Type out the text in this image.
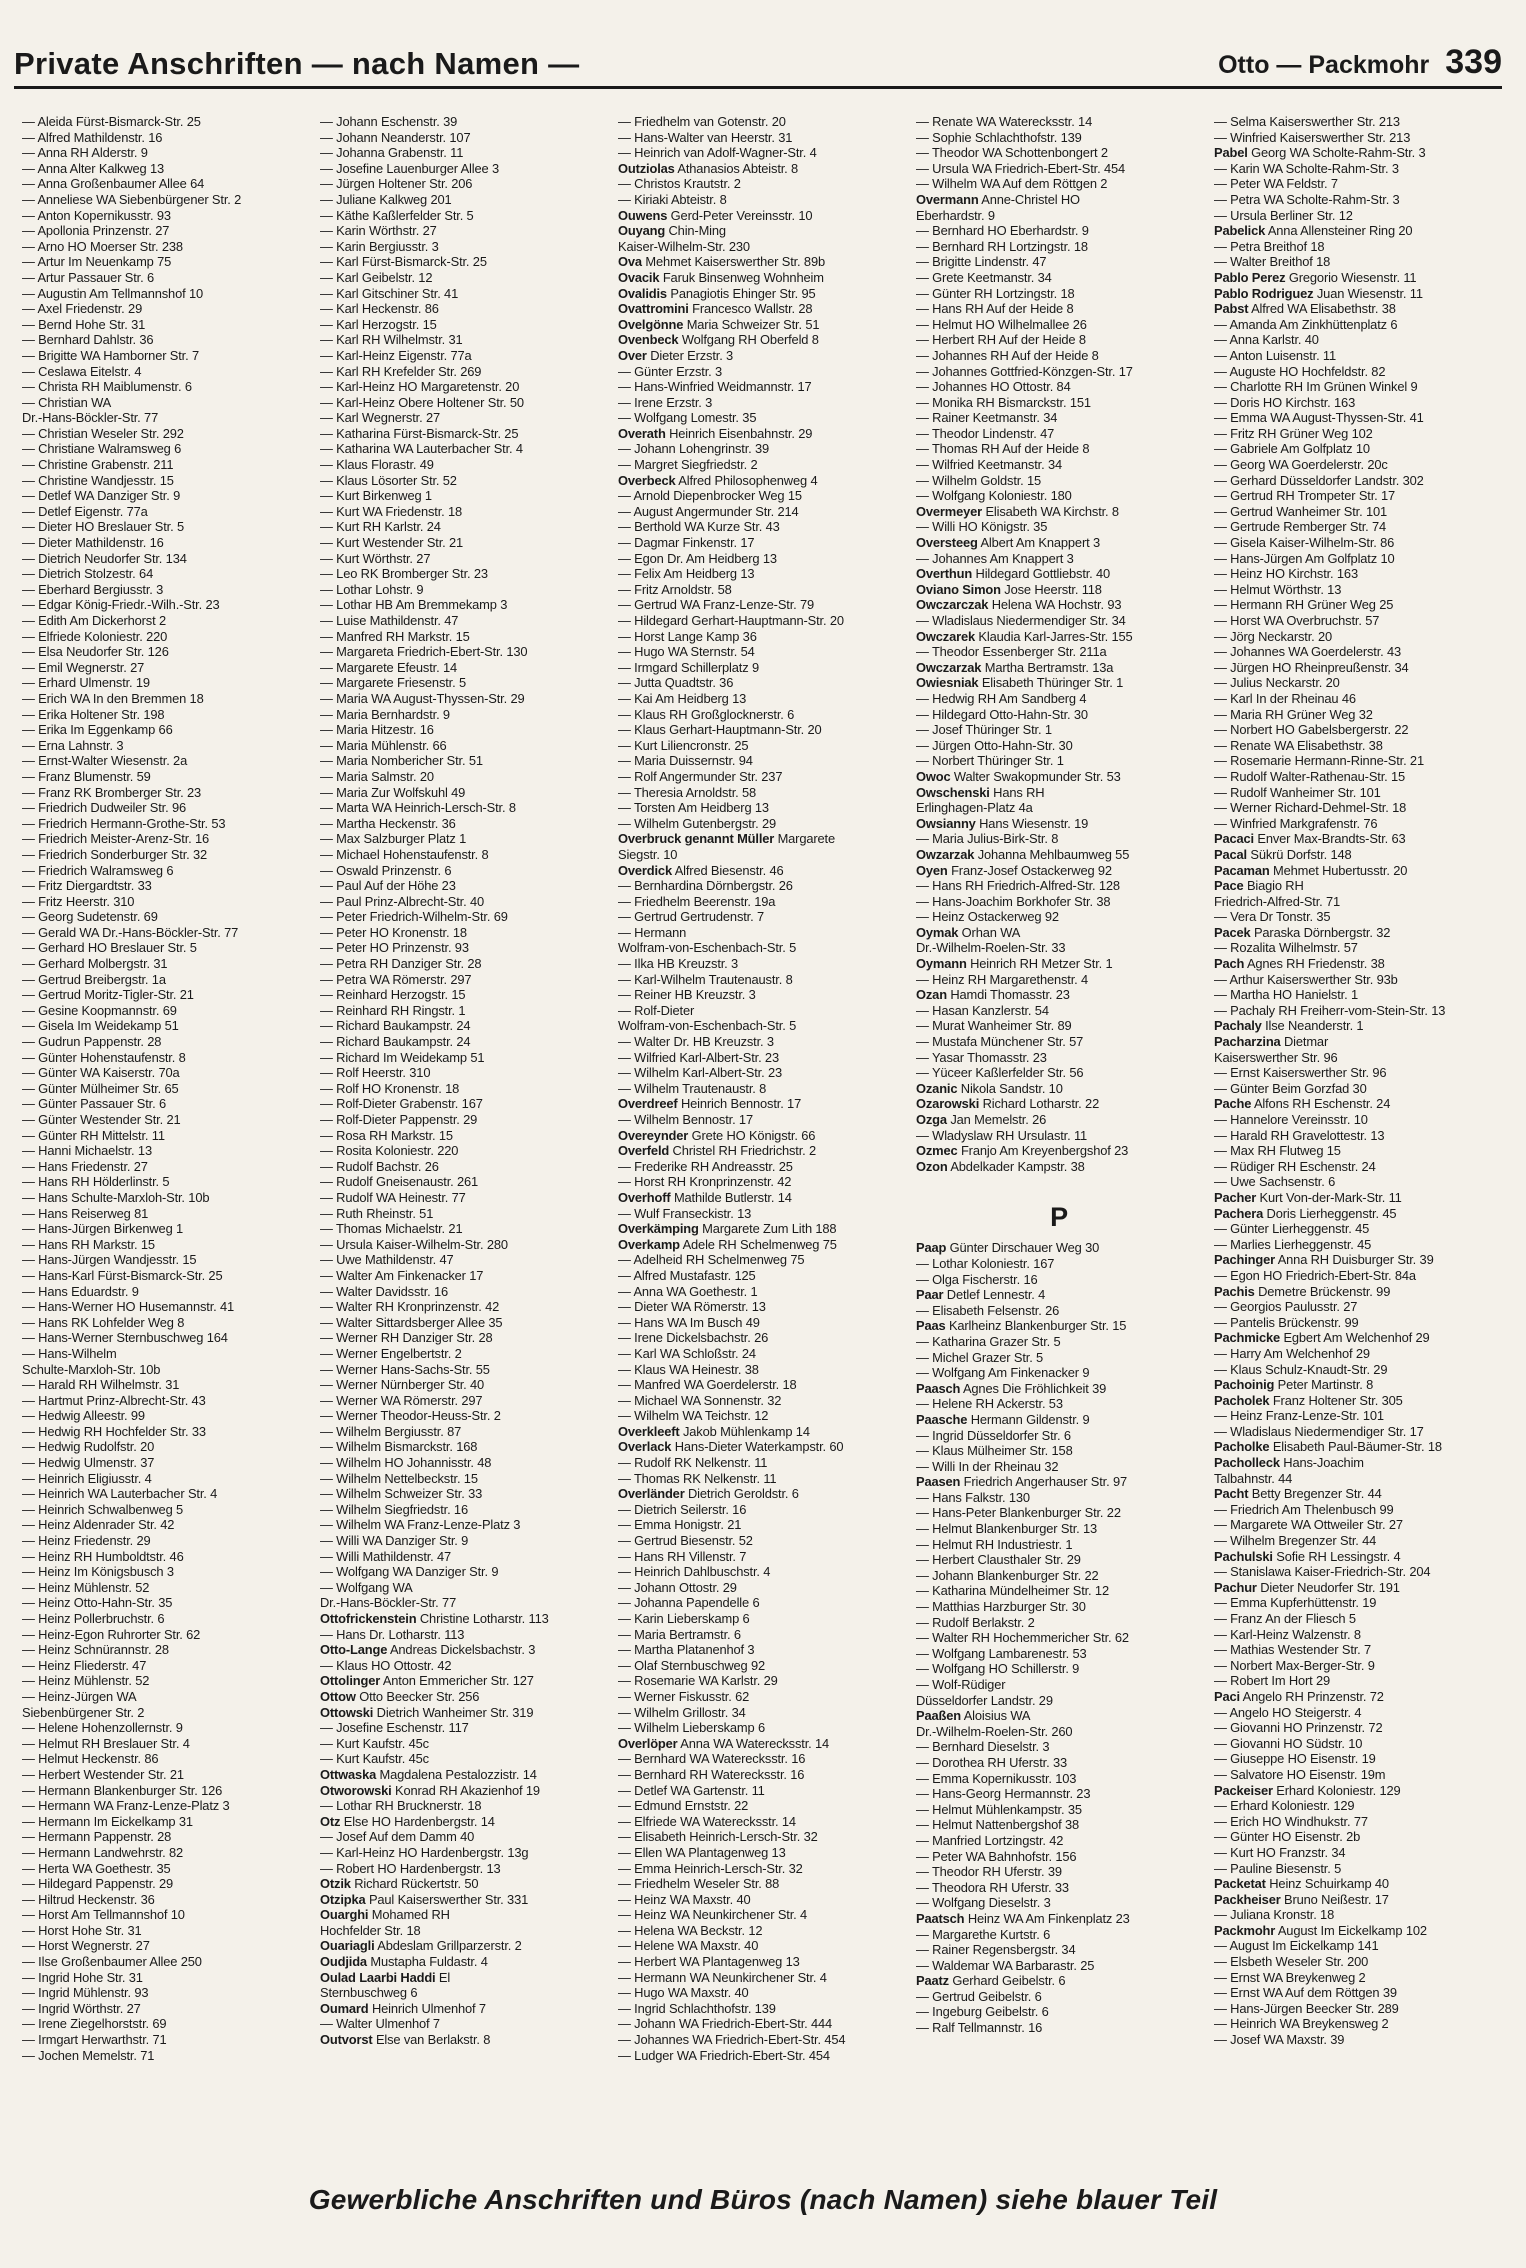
Private Anschriften — nach Namen —	Otto — Packmohr 339
— Aleida Fürst-Bismarck-Str. 25
— Alfred Mathildenstr. 16
— Anna RH Alderstr. 9
— Anna Alter Kalkweg 13
— Anna Großenbaumer Allee 64
— Anneliese WA Siebenbürgener Str. 2
— Anton Kopernikusstr. 93
— Apollonia Prinzenstr. 27
— Arno HO Moerser Str. 238
— Artur Im Neuenkamp 75
— Artur Passauer Str. 6
— Augustin Am Tellmannshof 10
— Axel Friedenstr. 29
— Bernd Hohe Str. 31
— Bernhard Dahlstr. 36
— Brigitte WA Hamborner Str. 7
— Ceslawa Eitelstr. 4
— Christa RH Maiblumenstr. 6
— Christian WA
Dr.-Hans-Böckler-Str. 77
— Christian Weseler Str. 292
— Christiane Walramsweg 6
— Christine Grabenstr. 211
— Christine Wandjesstr. 15
— Detlef WA Danziger Str. 9
— Detlef Eigenstr. 77a
— Dieter HO Breslauer Str. 5
— Dieter Mathildenstr. 16
— Dietrich Neudorfer Str. 134
— Dietrich Stolzestr. 64
— Eberhard Bergiusstr. 3
— Edgar König-Friedr.-Wilh.-Str. 23
— Edith Am Dickerhorst 2
— Elfriede Koloniestr. 220
— Elsa Neudorfer Str. 126
— Emil Wegnerstr. 27
— Erhard Ulmenstr. 19
— Erich WA In den Bremmen 18
— Erika Holtener Str. 198
— Erika Im Eggenkamp 66
— Erna Lahnstr. 3
— Ernst-Walter Wiesenstr. 2a
— Franz Blumenstr. 59
— Franz RK Bromberger Str. 23
— Friedrich Dudweiler Str. 96
— Friedrich Hermann-Grothe-Str. 53
— Friedrich Meister-Arenz-Str. 16
— Friedrich Sonderburger Str. 32
— Friedrich Walramsweg 6
— Fritz Diergardtstr. 33
— Fritz Heerstr. 310
— Georg Sudetenstr. 69
— Gerald WA Dr.-Hans-Böckler-Str. 77
— Gerhard HO Breslauer Str. 5
— Gerhard Molbergstr. 31
— Gertrud Breibergstr. 1a
— Gertrud Moritz-Tigler-Str. 21
— Gesine Koopmannstr. 69
— Gisela Im Weidekamp 51
— Gudrun Pappenstr. 28
— Günter Hohenstaufenstr. 8
— Günter WA Kaiserstr. 70a
— Günter Mülheimer Str. 65
— Günter Passauer Str. 6
— Günter Westender Str. 21
— Günter RH Mittelstr. 11
— Hanni Michaelstr. 13
— Hans Friedenstr. 27
— Hans RH Hölderlinstr. 5
— Hans Schulte-Marxloh-Str. 10b
— Hans Reiserweg 81
— Hans-Jürgen Birkenweg 1
— Hans RH Markstr. 15
— Hans-Jürgen Wandjesstr. 15
— Hans-Karl Fürst-Bismarck-Str. 25
— Hans Eduardstr. 9
— Hans-Werner HO Husemannstr. 41
— Hans RK Lohfelder Weg 8
— Hans-Werner Sternbuschweg 164
— Hans-Wilhelm
Schulte-Marxloh-Str. 10b
— Harald RH Wilhelmstr. 31
— Hartmut Prinz-Albrecht-Str. 43
— Hedwig Alleestr. 99
— Hedwig RH Hochfelder Str. 33
— Hedwig Rudolfstr. 20
— Hedwig Ulmenstr. 37
— Heinrich Eligiusstr. 4
— Heinrich WA Lauterbacher Str. 4
— Heinrich Schwalbenweg 5
— Heinz Aldenrader Str. 42
— Heinz Friedenstr. 29
— Heinz RH Humboldtstr. 46
— Heinz Im Königsbusch 3
— Heinz Mühlenstr. 52
— Heinz Otto-Hahn-Str. 35
— Heinz Pollerbruchstr. 6
— Heinz-Egon Ruhrorter Str. 62
— Heinz Schnürannstr. 28
— Heinz Fliederstr. 47
— Heinz Mühlenstr. 52
— Heinz-Jürgen WA
Siebenbürgener Str. 2
— Helene Hohenzollernstr. 9
— Helmut RH Breslauer Str. 4
— Helmut Heckenstr. 86
— Herbert Westender Str. 21
— Hermann Blankenburger Str. 126
— Hermann WA Franz-Lenze-Platz 3
— Hermann Im Eickelkamp 31
— Hermann Pappenstr. 28
— Hermann Landwehrstr. 82
— Herta WA Goethestr. 35
— Hildegard Pappenstr. 29
— Hiltrud Heckenstr. 36
— Horst Am Tellmannshof 10
— Horst Hohe Str. 31
— Horst Wegnerstr. 27
— Ilse Großenbaumer Allee 250
— Ingrid Hohe Str. 31
— Ingrid Mühlenstr. 93
— Ingrid Wörthstr. 27
— Irene Ziegelhorststr. 69
— Irmgart Herwarthstr. 71
— Jochen Memelstr. 71
— Johann Eschenstr. 39
— Johann Neanderstr. 107
— Johanna Grabenstr. 11
— Josefine Lauenburger Allee 3
— Jürgen Holtener Str. 206
— Juliane Kalkweg 201
— Käthe Kaßlerfelder Str. 5
— Karin Wörthstr. 27
— Karin Bergiusstr. 3
— Karl Fürst-Bismarck-Str. 25
— Karl Geibelstr. 12
— Karl Gitschiner Str. 41
— Karl Heckenstr. 86
— Karl Herzogstr. 15
— Karl RH Wilhelmstr. 31
— Karl-Heinz Eigenstr. 77a
— Karl RH Krefelder Str. 269
— Karl-Heinz HO Margaretenstr. 20
— Karl-Heinz Obere Holtener Str. 50
— Karl Wegnerstr. 27
— Katharina Fürst-Bismarck-Str. 25
— Katharina WA Lauterbacher Str. 4
— Klaus Florastr. 49
— Klaus Lösorter Str. 52
— Kurt Birkenweg 1
— Kurt WA Friedenstr. 18
— Kurt RH Karlstr. 24
— Kurt Westender Str. 21
— Kurt Wörthstr. 27
— Leo RK Bromberger Str. 23
— Lothar Lohstr. 9
— Lothar HB Am Bremmekamp 3
— Luise Mathildenstr. 47
— Manfred RH Markstr. 15
— Margareta Friedrich-Ebert-Str. 130
— Margarete Efeustr. 14
— Margarete Friesenstr. 5
— Maria WA August-Thyssen-Str. 29
— Maria Bernhardstr. 9
— Maria Hitzestr. 16
— Maria Mühlenstr. 66
— Maria Nombericher Str. 51
— Maria Salmstr. 20
— Maria Zur Wolfskuhl 49
— Marta WA Heinrich-Lersch-Str. 8
— Martha Heckenstr. 36
— Max Salzburger Platz 1
— Michael Hohenstaufenstr. 8
— Oswald Prinzenstr. 6
— Paul Auf der Höhe 23
— Paul Prinz-Albrecht-Str. 40
— Peter Friedrich-Wilhelm-Str. 69
— Peter HO Kronenstr. 18
— Peter HO Prinzenstr. 93
— Petra RH Danziger Str. 28
— Petra WA Römerstr. 297
— Reinhard Herzogstr. 15
— Reinhard RH Ringstr. 1
— Richard Baukampstr. 24
— Richard Baukampstr. 24
— Richard Im Weidekamp 51
— Rolf Heerstr. 310
— Rolf HO Kronenstr. 18
— Rolf-Dieter Grabenstr. 167
— Rolf-Dieter Pappenstr. 29
— Rosa RH Markstr. 15
— Rosita Koloniestr. 220
— Rudolf Bachstr. 26
— Rudolf Gneisenaustr. 261
— Rudolf WA Heinestr. 77
— Ruth Rheinstr. 51
— Thomas Michaelstr. 21
— Ursula Kaiser-Wilhelm-Str. 280
— Uwe Mathildenstr. 47
— Walter Am Finkenacker 17
— Walter Davidsstr. 16
— Walter RH Kronprinzenstr. 42
— Walter Sittardsberger Allee 35
— Werner RH Danziger Str. 28
— Werner Engelbertstr. 2
— Werner Hans-Sachs-Str. 55
— Werner Nürnberger Str. 40
— Werner WA Römerstr. 297
— Werner Theodor-Heuss-Str. 2
— Wilhelm Bergiusstr. 87
— Wilhelm Bismarckstr. 168
— Wilhelm HO Johannisstr. 48
— Wilhelm Nettelbeckstr. 15
— Wilhelm Schweizer Str. 33
— Wilhelm Siegfriedstr. 16
— Wilhelm WA Franz-Lenze-Platz 3
— Willi WA Danziger Str. 9
— Willi Mathildenstr. 47
— Wolfgang WA Danziger Str. 9
— Wolfgang WA
Dr.-Hans-Böckler-Str. 77
Ottofrickenstein Christine Lotharstr. 113
— Hans Dr. Lotharstr. 113
Otto-Lange Andreas Dickelsbachstr. 3
— Klaus HO Ottostr. 42
Ottolinger Anton Emmericher Str. 127
Ottow Otto Beecker Str. 256
Ottowski Dietrich Wanheimer Str. 319
— Josefine Eschenstr. 117
— Kurt Kaufstr. 45c
— Kurt Kaufstr. 45c
Ottwaska Magdalena Pestalozzistr. 14
Otworowski Konrad RH Akazienhof 19
— Lothar RH Brucknerstr. 18
Otz Else HO Hardenbergstr. 14
— Josef Auf dem Damm 40
— Karl-Heinz HO Hardenbergstr. 13g
— Robert HO Hardenbergstr. 13
Otzik Richard Rückertstr. 50
Otzipka Paul Kaiserswerther Str. 331
Ouarghi Mohamed RH
Hochfelder Str. 18
Ouariagli Abdeslam Grillparzerstr. 2
Oudjida Mustapha Fuldastr. 4
Oulad Laarbi Haddi El
Sternbuschweg 6
Oumard Heinrich Ulmenhof 7
— Walter Ulmenhof 7
Outvorst Else van Berlakstr. 8
— Friedhelm van Gotenstr. 20
— Hans-Walter van Heerstr. 31
— Heinrich van Adolf-Wagner-Str. 4
Outziolas Athanasios Abteistr. 8
— Christos Krautstr. 2
— Kiriaki Abteistr. 8
Ouwens Gerd-Peter Vereinsstr. 10
Ouyang Chin-Ming
Kaiser-Wilhelm-Str. 230
Ova Mehmet Kaiserswerther Str. 89b
Ovacik Faruk Binsenweg Wohnheim
Ovalidis Panagiotis Ehinger Str. 95
Ovattromini Francesco Wallstr. 28
Ovelgönne Maria Schweizer Str. 51
Ovenbeck Wolfgang RH Oberfeld 8
Over Dieter Erzstr. 3
— Günter Erzstr. 3
— Hans-Winfried Weidmannstr. 17
— Irene Erzstr. 3
— Wolfgang Lomestr. 35
Overath Heinrich Eisenbahnstr. 29
— Johann Lohengrinstr. 39
— Margret Siegfriedstr. 2
Overbeck Alfred Philosophenweg 4
— Arnold Diepenbrocker Weg 15
— August Angermunder Str. 214
— Berthold WA Kurze Str. 43
— Dagmar Finkenstr. 17
— Egon Dr. Am Heidberg 13
— Felix Am Heidberg 13
— Fritz Arnoldstr. 58
— Gertrud WA Franz-Lenze-Str. 79
— Hildegard Gerhart-Hauptmann-Str. 20
— Horst Lange Kamp 36
— Hugo WA Sternstr. 54
— Irmgard Schillerplatz 9
— Jutta Quadtstr. 36
— Kai Am Heidberg 13
— Klaus RH Großglocknerstr. 6
— Klaus Gerhart-Hauptmann-Str. 20
— Kurt Liliencronstr. 25
— Maria Duissernstr. 94
— Rolf Angermunder Str. 237
— Theresia Arnoldstr. 58
— Torsten Am Heidberg 13
— Wilhelm Gutenbergstr. 29
Overbruck genannt Müller Margarete
Siegstr. 10
Overdick Alfred Biesenstr. 46
— Bernhardina Dörnbergstr. 26
— Friedhelm Beerenstr. 19a
— Gertrud Gertrudenstr. 7
— Hermann
Wolfram-von-Eschenbach-Str. 5
— Ilka HB Kreuzstr. 3
— Karl-Wilhelm Trautenaustr. 8
— Reiner HB Kreuzstr. 3
— Rolf-Dieter
Wolfram-von-Eschenbach-Str. 5
— Walter Dr. HB Kreuzstr. 3
— Wilfried Karl-Albert-Str. 23
— Wilhelm Karl-Albert-Str. 23
— Wilhelm Trautenaustr. 8
Overdreef Heinrich Bennostr. 17
— Wilhelm Bennostr. 17
Overeynder Grete HO Königstr. 66
Overfeld Christel RH Friedrichstr. 2
— Frederike RH Andreasstr. 25
— Horst RH Kronprinzenstr. 42
Overhoff Mathilde Butlerstr. 14
— Wulf Franseckistr. 13
Overkämping Margarete Zum Lith 188
Overkamp Adele RH Schelmenweg 75
— Adelheid RH Schelmenweg 75
— Alfred Mustafastr. 125
— Anna WA Goethestr. 1
— Dieter WA Römerstr. 13
— Hans WA Im Busch 49
— Irene Dickelsbachstr. 26
— Karl WA Schloßstr. 24
— Klaus WA Heinestr. 38
— Manfred WA Goerdelerstr. 18
— Michael WA Sonnenstr. 32
— Wilhelm WA Teichstr. 12
Overkleeft Jakob Mühlenkamp 14
Overlack Hans-Dieter Waterkampstr. 60
— Rudolf RK Nelkenstr. 11
— Thomas RK Nelkenstr. 11
Overländer Dietrich Geroldstr. 6
— Dietrich Seilerstr. 16
— Emma Honigstr. 21
— Gertrud Biesenstr. 52
— Hans RH Villenstr. 7
— Heinrich Dahlbuschstr. 4
— Johann Ottostr. 29
— Johanna Papendelle 6
— Karin Lieberskamp 6
— Maria Bertramstr. 6
— Martha Platanenhof 3
— Olaf Sternbuschweg 92
— Rosemarie WA Karlstr. 29
— Werner Fiskusstr. 62
— Wilhelm Grillostr. 34
— Wilhelm Lieberskamp 6
Overlöper Anna WA Waterecksstr. 14
— Bernhard WA Waterecksstr. 16
— Bernhard RH Waterecksstr. 16
— Detlef WA Gartenstr. 11
— Edmund Ernststr. 22
— Elfriede WA Waterecksstr. 14
— Elisabeth Heinrich-Lersch-Str. 32
— Ellen WA Plantagenweg 13
— Emma Heinrich-Lersch-Str. 32
— Friedhelm Weseler Str. 88
— Heinz WA Maxstr. 40
— Heinz WA Neunkirchener Str. 4
— Helena WA Beckstr. 12
— Helene WA Maxstr. 40
— Herbert WA Plantagenweg 13
— Hermann WA Neunkirchener Str. 4
— Hugo WA Maxstr. 40
— Ingrid Schlachthofstr. 139
— Johann WA Friedrich-Ebert-Str. 444
— Johannes WA Friedrich-Ebert-Str. 454
— Ludger WA Friedrich-Ebert-Str. 454
— Renate WA Waterecksstr. 14
— Sophie Schlachthofstr. 139
— Theodor WA Schottenbongert 2
— Ursula WA Friedrich-Ebert-Str. 454
— Wilhelm WA Auf dem Röttgen 2
Overmann Anne-Christel HO
Eberhardstr. 9
— Bernhard HO Eberhardstr. 9
— Bernhard RH Lortzingstr. 18
— Brigitte Lindenstr. 47
— Grete Keetmanstr. 34
— Günter RH Lortzingstr. 18
— Hans RH Auf der Heide 8
— Helmut HO Wilhelmallee 26
— Herbert RH Auf der Heide 8
— Johannes RH Auf der Heide 8
— Johannes Gottfried-Könzgen-Str. 17
— Johannes HO Ottostr. 84
— Monika RH Bismarckstr. 151
— Rainer Keetmanstr. 34
— Theodor Lindenstr. 47
— Thomas RH Auf der Heide 8
— Wilfried Keetmanstr. 34
— Wilhelm Goldstr. 15
— Wolfgang Koloniestr. 180
Overmeyer Elisabeth WA Kirchstr. 8
— Willi HO Königstr. 35
Oversteeg Albert Am Knappert 3
— Johannes Am Knappert 3
Overthun Hildegard Gottliebstr. 40
Oviano Simon Jose Heerstr. 118
Owczarczak Helena WA Hochstr. 93
— Wladislaus Niedermendiger Str. 34
Owczarek Klaudia Karl-Jarres-Str. 155
— Theodor Essenberger Str. 211a
Owczarzak Martha Bertramstr. 13a
Owiesniak Elisabeth Thüringer Str. 1
— Hedwig RH Am Sandberg 4
— Hildegard Otto-Hahn-Str. 30
— Josef Thüringer Str. 1
— Jürgen Otto-Hahn-Str. 30
— Norbert Thüringer Str. 1
Owoc Walter Swakopmunder Str. 53
Owschenski Hans RH
Erlinghagen-Platz 4a
Owsianny Hans Wiesenstr. 19
— Maria Julius-Birk-Str. 8
Owzarzak Johanna Mehlbaumweg 55
Oyen Franz-Josef Ostackerweg 92
— Hans RH Friedrich-Alfred-Str. 128
— Hans-Joachim Borkhofer Str. 38
— Heinz Ostackerweg 92
Oymak Orhan WA
Dr.-Wilhelm-Roelen-Str. 33
Oymann Heinrich RH Metzer Str. 1
— Heinz RH Margarethenstr. 4
Ozan Hamdi Thomasstr. 23
— Hasan Kanzlerstr. 54
— Murat Wanheimer Str. 89
— Mustafa Münchener Str. 57
— Yasar Thomasstr. 23
— Yüceer Kaßlerfelder Str. 56
Ozanic Nikola Sandstr. 10
Ozarowski Richard Lotharstr. 22
Ozga Jan Memelstr. 26
— Wladyslaw RH Ursulastr. 11
Ozmec Franjo Am Kreyenbergshof 23
Ozon Abdelkader Kampstr. 38
P
Paap Günter Dirschauer Weg 30
— Lothar Koloniestr. 167
— Olga Fischerstr. 16
Paar Detlef Lennestr. 4
— Elisabeth Felsenstr. 26
Paas Karlheinz Blankenburger Str. 15
— Katharina Grazer Str. 5
— Michel Grazer Str. 5
— Wolfgang Am Finkenacker 9
Paasch Agnes Die Fröhlichkeit 39
— Helene RH Ackerstr. 53
Paasche Hermann Gildenstr. 9
— Ingrid Düsseldorfer Str. 6
— Klaus Mülheimer Str. 158
— Willi In der Rheinau 32
Paasen Friedrich Angerhauser Str. 97
— Hans Falkstr. 130
— Hans-Peter Blankenburger Str. 22
— Helmut Blankenburger Str. 13
— Helmut RH Industriestr. 1
— Herbert Clausthaler Str. 29
— Johann Blankenburger Str. 22
— Katharina Mündelheimer Str. 12
— Matthias Harzburger Str. 30
— Rudolf Berlakstr. 2
— Walter RH Hochemmericher Str. 62
— Wolfgang Lambarenestr. 53
— Wolfgang HO Schillerstr. 9
— Wolf-Rüdiger
Düsseldorfer Landstr. 29
Paaßen Aloisius WA
Dr.-Wilhelm-Roelen-Str. 260
— Bernhard Dieselstr. 3
— Dorothea RH Uferstr. 33
— Emma Kopernikusstr. 103
— Hans-Georg Hermannstr. 23
— Helmut Mühlenkampstr. 35
— Helmut Nattenbergshof 38
— Manfried Lortzingstr. 42
— Peter WA Bahnhofstr. 156
— Theodor RH Uferstr. 39
— Theodora RH Uferstr. 33
— Wolfgang Dieselstr. 3
Paatsch Heinz WA Am Finkenplatz 23
— Margarethe Kurtstr. 6
— Rainer Regensbergstr. 34
— Waldemar WA Barbarastr. 25
Paatz Gerhard Geibelstr. 6
— Gertrud Geibelstr. 6
— Ingeburg Geibelstr. 6
— Ralf Tellmannstr. 16
— Selma Kaiserswerther Str. 213
— Winfried Kaiserswerther Str. 213
Pabel Georg WA Scholte-Rahm-Str. 3
— Karin WA Scholte-Rahm-Str. 3
— Peter WA Feldstr. 7
— Petra WA Scholte-Rahm-Str. 3
— Ursula Berliner Str. 12
Pabelick Anna Allensteiner Ring 20
— Petra Breithof 18
— Walter Breithof 18
Pablo Perez Gregorio Wiesenstr. 11
Pablo Rodriguez Juan Wiesenstr. 11
Pabst Alfred WA Elisabethstr. 38
— Amanda Am Zinkhüttenplatz 6
— Anna Karlstr. 40
— Anton Luisenstr. 11
— Auguste HO Hochfeldstr. 82
— Charlotte RH Im Grünen Winkel 9
— Doris HO Kirchstr. 163
— Emma WA August-Thyssen-Str. 41
— Fritz RH Grüner Weg 102
— Gabriele Am Golfplatz 10
— Georg WA Goerdelerstr. 20c
— Gerhard Düsseldorfer Landstr. 302
— Gertrud RH Trompeter Str. 17
— Gertrud Wanheimer Str. 101
— Gertrude Remberger Str. 74
— Gisela Kaiser-Wilhelm-Str. 86
— Hans-Jürgen Am Golfplatz 10
— Heinz HO Kirchstr. 163
— Helmut Wörthstr. 13
— Hermann RH Grüner Weg 25
— Horst WA Overbruchstr. 57
— Jörg Neckarstr. 20
— Johannes WA Goerdelerstr. 43
— Jürgen HO Rheinpreußenstr. 34
— Julius Neckarstr. 20
— Karl In der Rheinau 46
— Maria RH Grüner Weg 32
— Norbert HO Gabelsbergerstr. 22
— Renate WA Elisabethstr. 38
— Rosemarie Hermann-Rinne-Str. 21
— Rudolf Walter-Rathenau-Str. 15
— Rudolf Wanheimer Str. 101
— Werner Richard-Dehmel-Str. 18
— Winfried Markgrafenstr. 76
Pacaci Enver Max-Brandts-Str. 63
Pacal Sükrü Dorfstr. 148
Pacaman Mehmet Hubertusstr. 20
Pace Biagio RH
Friedrich-Alfred-Str. 71
— Vera Dr Tonstr. 35
Pacek Paraska Dörnbergstr. 32
— Rozalita Wilhelmstr. 57
Pach Agnes RH Friedenstr. 38
— Arthur Kaiserswerther Str. 93b
— Martha HO Hanielstr. 1
— Pachaly RH Freiherr-vom-Stein-Str. 13
Pachaly Ilse Neanderstr. 1
Pacharzina Dietmar
Kaiserswerther Str. 96
— Ernst Kaiserswerther Str. 96
— Günter Beim Gorzfad 30
Pache Alfons RH Eschenstr. 24
— Hannelore Vereinsstr. 10
— Harald RH Gravelottestr. 13
— Max RH Flutweg 15
— Rüdiger RH Eschenstr. 24
— Uwe Sachsenstr. 6
Pacher Kurt Von-der-Mark-Str. 11
Pachera Doris Lierheggenstr. 45
— Günter Lierheggenstr. 45
— Marlies Lierheggenstr. 45
Pachinger Anna RH Duisburger Str. 39
— Egon HO Friedrich-Ebert-Str. 84a
Pachis Demetre Brückenstr. 99
— Georgios Paulusstr. 27
— Pantelis Brückenstr. 99
Pachmicke Egbert Am Welchenhof 29
— Harry Am Welchenhof 29
— Klaus Schulz-Knaudt-Str. 29
Pachoinig Peter Martinstr. 8
Pacholek Franz Holtener Str. 305
— Heinz Franz-Lenze-Str. 101
— Wladislaus Niedermendiger Str. 17
Pacholke Elisabeth Paul-Bäumer-Str. 18
Pacholleck Hans-Joachim
Talbahnstr. 44
Pacht Betty Bregenzer Str. 44
— Friedrich Am Thelenbusch 99
— Margarete WA Ottweiler Str. 27
— Wilhelm Bregenzer Str. 44
Pachulski Sofie RH Lessingstr. 4
— Stanislawa Kaiser-Friedrich-Str. 204
Pachur Dieter Neudorfer Str. 191
— Emma Kupferhüttenstr. 19
— Franz An der Fliesch 5
— Karl-Heinz Walzenstr. 8
— Mathias Westender Str. 7
— Norbert Max-Berger-Str. 9
— Robert Im Hort 29
Paci Angelo RH Prinzenstr. 72
— Angelo HO Steigerstr. 4
— Giovanni HO Prinzenstr. 72
— Giovanni HO Südstr. 10
— Giuseppe HO Eisenstr. 19
— Salvatore HO Eisenstr. 19m
Packeiser Erhard Koloniestr. 129
— Erhard Koloniestr. 129
— Erich HO Windhukstr. 77
— Günter HO Eisenstr. 2b
— Kurt HO Franzstr. 34
— Pauline Biesenstr. 5
Packetat Heinz Schuirkamp 40
Packheiser Bruno Neißestr. 17
— Juliana Kronstr. 18
Packmohr August Im Eickelkamp 102
— August Im Eickelkamp 141
— Elsbeth Weseler Str. 200
— Ernst WA Breykenweg 2
— Ernst WA Auf dem Röttgen 39
— Hans-Jürgen Beecker Str. 289
— Heinrich WA Breykensweg 2
— Josef WA Maxstr. 39
Gewerbliche Anschriften und Büros (nach Namen) siehe blauer Teil
